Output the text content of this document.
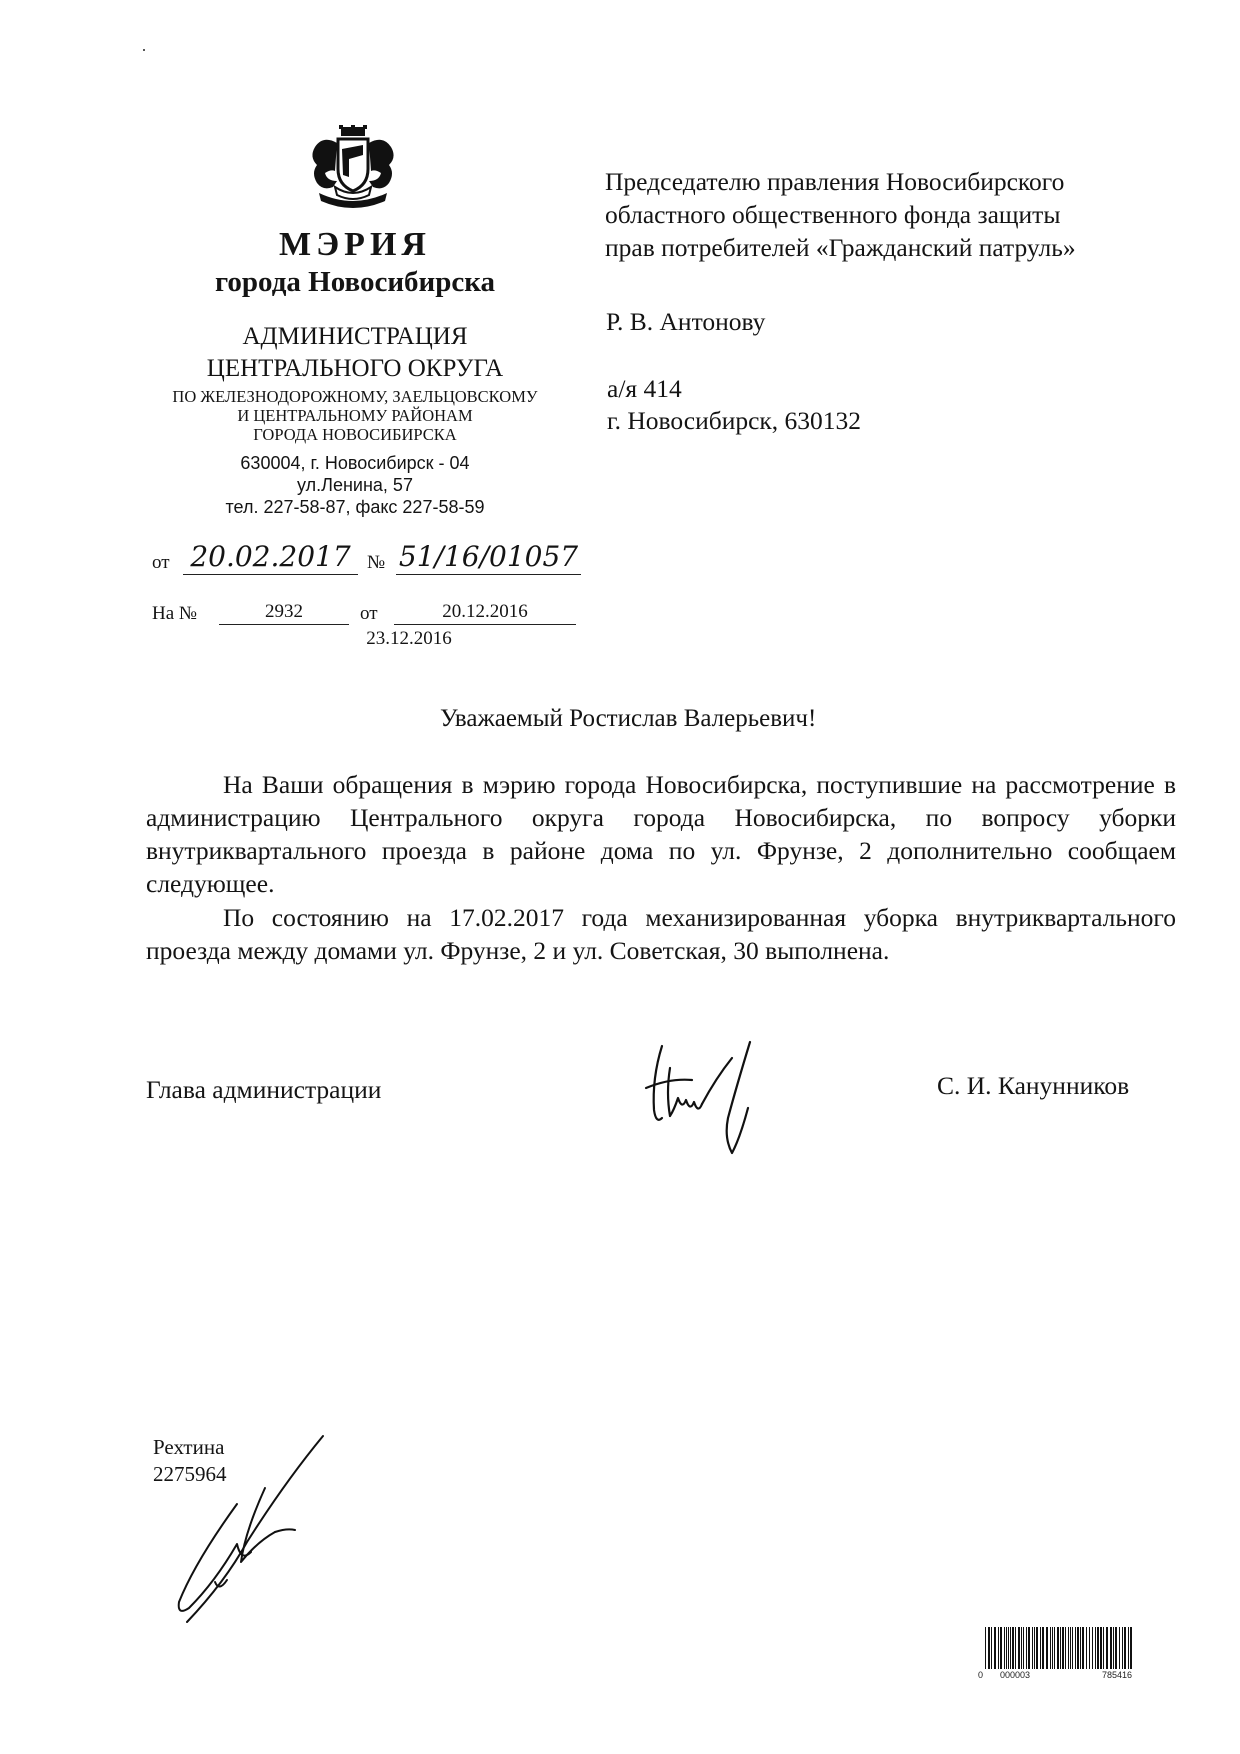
МЭРИЯ
города Новосибирска
АДМИНИСТРАЦИЯ
ЦЕНТРАЛЬНОГО ОКРУГА
ПО ЖЕЛЕЗНОДОРОЖНОМУ, ЗАЕЛЬЦОВСКОМУ
И ЦЕНТРАЛЬНОМУ РАЙОНАМ
ГОРОДА НОВОСИБИРСКА
630004, г. Новосибирск - 04
ул.Ленина, 57
тел. 227-58-87, факс 227-58-59
от 20.02.2017 № 51/16/01057
На №	2932	от	20.12.2016
23.12.2016
Председателю правления Новосибирского
областного общественного фонда защиты
прав потребителей «Гражданский патруль»
Р. В. Антонову
а/я 414
г. Новосибирск, 630132
Уважаемый Ростислав Валерьевич!

На Ваши обращения в мэрию города Новосибирска, поступившие на рассмотрение в администрацию Центрального округа города Новосибирска, по вопросу уборки внутриквартального проезда в районе дома по ул. Фрунзе, 2 дополнительно сообщаем следующее.

По состоянию на 17.02.2017 года механизированная уборка внутриквартального проезда между домами ул. Фрунзе, 2 и ул. Советская, 30 выполнена.

Глава администрации	С. И. Канунников
Рехтина
2275964
0 000003	785416
